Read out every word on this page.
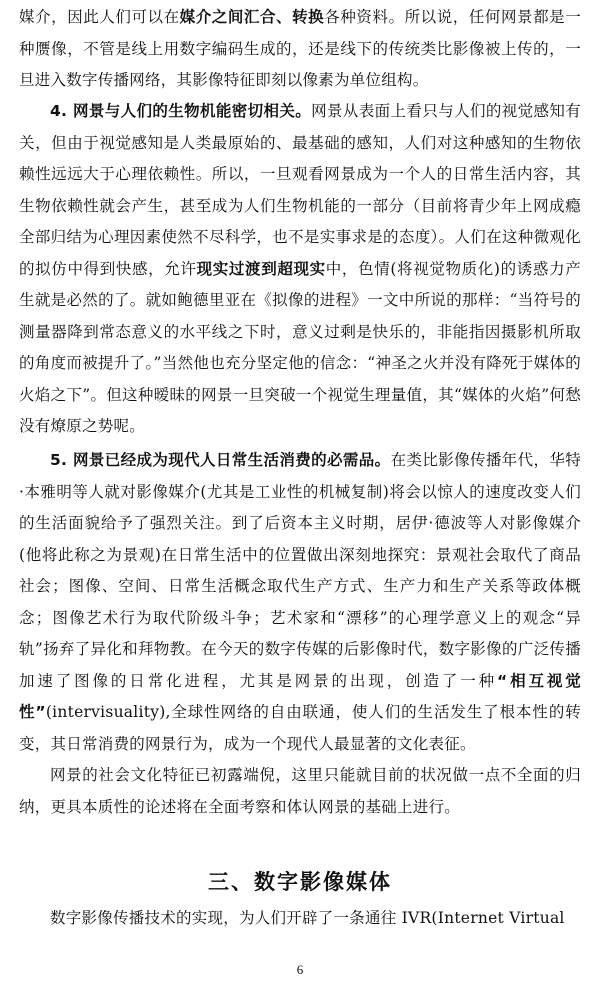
媒介，因此人们可以在媒介之间汇合、转换各种资料。所以说，任何网景都是一种赝像，不管是线上用数字编码生成的，还是线下的传统类比影像被上传的，一旦进入数字传播网络，其影像特征即刻以像素为单位组构。

4. 网景与人们的生物机能密切相关。网景从表面上看只与人们的视觉感知有关，但由于视觉感知是人类最原始的、最基础的感知，人们对这种感知的生物依赖性远远大于心理依赖性。所以，一旦观看网景成为一个人的日常生活内容，其生物依赖性就会产生，甚至成为人们生物机能的一部分（目前将青少年上网成瘾全部归结为心理因素使然不尽科学，也不是实事求是的态度）。人们在这种微观化的拟仿中得到快感，允许现实过渡到超现实中，色情(将视觉物质化)的诱惑力产生就是必然的了。就如鲍德里亚在《拟像的进程》一文中所说的那样：“当符号的测量器降到常态意义的水平线之下时，意义过剩是快乐的，非能指因摄影机所取的角度而被提升了。”当然他也充分坚定他的信念：“神圣之火并没有降死于媒体的火焰之下”。但这种暧昧的网景一旦突破一个视觉生理量值，其“媒体的火焰”何愁没有燎原之势呢。

5. 网景已经成为现代人日常生活消费的必需品。在类比影像传播年代，华特·本雅明等人就对影像媒介(尤其是工业性的机械复制)将会以惊人的速度改变人们的生活面貌给予了强烈关注。到了后资本主义时期，居伊·德波等人对影像媒介(他将此称之为景观)在日常生活中的位置做出深刻地探究：景观社会取代了商品社会；图像、空间、日常生活概念取代生产方式、生产力和生产关系等政体概念；图像艺术行为取代阶级斗争；艺术家和“漂移”的心理学意义上的观念“异轨”扬弃了异化和拜物教。在今天的数字传媒的后影像时代，数字影像的广泛传播加速了图像的日常化进程，尤其是网景的出现，创造了一种“相互视觉性”(intervisuality),全球性网络的自由联通，使人们的生活发生了根本性的转变，其日常消费的网景行为，成为一个现代人最显著的文化表征。

网景的社会文化特征已初露端倪，这里只能就目前的状况做一点不全面的归纳，更具本质性的论述将在全面考察和体认网景的基础上进行。

三、数字影像媒体

数字影像传播技术的实现，为人们开辟了一条通往 IVR(Internet Virtual

6
